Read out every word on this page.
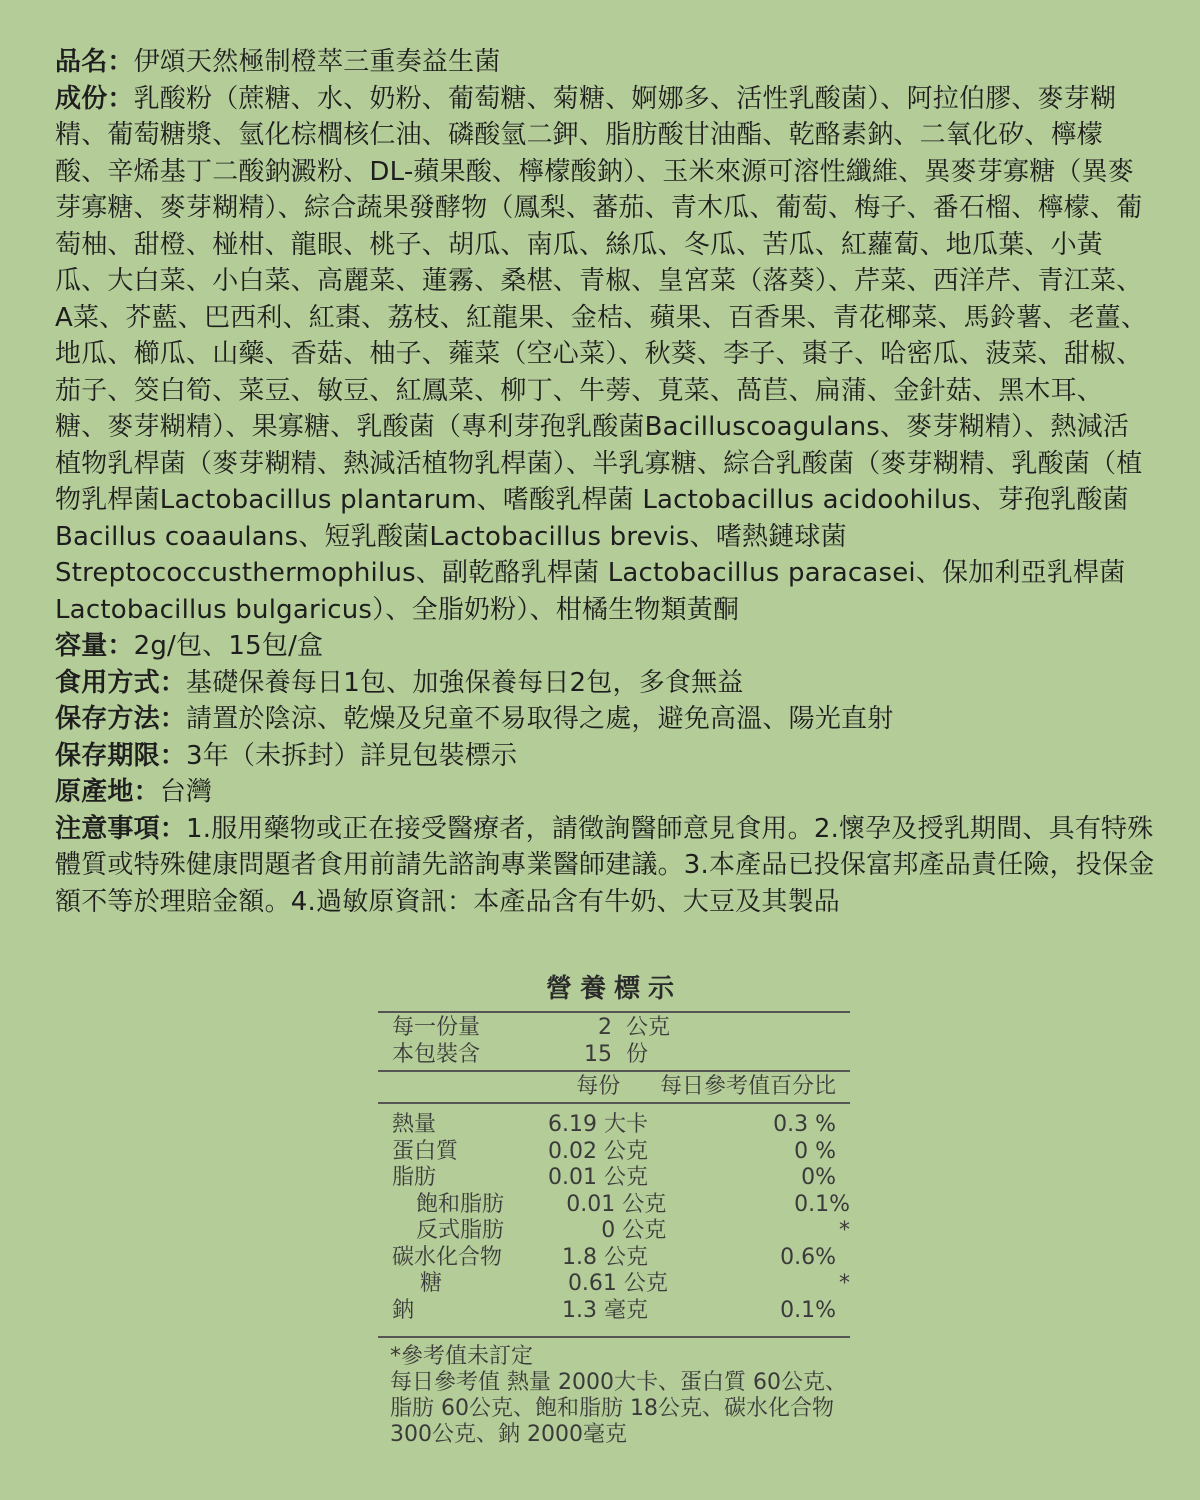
品名：伊頌天然極制橙萃三重奏益生菌

成份：乳酸粉（蔗糖、水、奶粉、葡萄糖、菊糖、婀娜多、活性乳酸菌）、阿拉伯膠、麥芽糊精、葡萄糖漿、氫化棕櫚核仁油、磷酸氫二鉀、脂肪酸甘油酯、乾酪素鈉、二氧化矽、檸檬酸、辛烯基丁二酸鈉澱粉、DL-蘋果酸、檸檬酸鈉）、玉米來源可溶性纖維、異麥芽寡糖（異麥芽寡糖、麥芽糊精）、綜合蔬果發酵物（鳳梨、蕃茄、青木瓜、葡萄、梅子、番石榴、檸檬、葡萄柚、甜橙、椪柑、龍眼、桃子、胡瓜、南瓜、絲瓜、冬瓜、苦瓜、紅蘿蔔、地瓜葉、小黃瓜、大白菜、小白菜、高麗菜、蓮霧、桑椹、青椒、皇宮菜（落葵）、芹菜、西洋芹、青江菜、A菜、芥藍、巴西利、紅棗、荔枝、紅龍果、金桔、蘋果、百香果、青花椰菜、馬鈴薯、老薑、地瓜、櫛瓜、山藥、香菇、柚子、蕹菜（空心菜）、秋葵、李子、棗子、哈密瓜、菠菜、甜椒、茄子、筊白筍、菜豆、敏豆、紅鳳菜、柳丁、牛蒡、莧菜、萵苣、扁蒲、金針菇、黑木耳、糖、麥芽糊精）、果寡糖、乳酸菌（專利芽孢乳酸菌Bacilluscoagulans、麥芽糊精）、熱減活植物乳桿菌（麥芽糊精、熱減活植物乳桿菌）、半乳寡糖、綜合乳酸菌（麥芽糊精、乳酸菌（植物乳桿菌Lactobacillus plantarum、嗜酸乳桿菌 Lactobacillus acidoohilus、芽孢乳酸菌 Bacillus coaaulans、短乳酸菌Lactobacillus brevis、嗜熱鏈球菌Streptococcusthermophilus、副乾酪乳桿菌 Lactobacillus paracasei、保加利亞乳桿菌 Lactobacillus bulgaricus）、全脂奶粉）、柑橘生物類黃酮

容量：2g/包、15包/盒

食用方式：基礎保養每日1包、加強保養每日2包，多食無益

保存方法：請置於陰涼、乾燥及兒童不易取得之處，避免高溫、陽光直射

保存期限：3年（未拆封）詳見包裝標示

原產地：台灣

注意事項：1.服用藥物或正在接受醫療者，請徵詢醫師意見食用。2.懷孕及授乳期間、具有特殊體質或特殊健康問題者食用前請先諮詢專業醫師建議。3.本產品已投保富邦產品責任險，投保金額不等於理賠金額。4.過敏原資訊：本產品含有牛奶、大豆及其製品

營養標示
每一份量	2 公克
本包裝含	15 份
每份	每日參考值百分比
熱量	6.19 大卡	0.3 %
蛋白質	0.02 公克	0 %
脂肪	0.01 公克	0%
飽和脂肪	0.01 公克	0.1%
反式脂肪	0 公克	*
碳水化合物	1.8 公克	0.6%
糖	0.61 公克	*
鈉	1.3 毫克	0.1%
*參考值未訂定
每日參考值 熱量 2000大卡、蛋白質 60公克、脂肪 60公克、飽和脂肪 18公克、碳水化合物 300公克、鈉 2000毫克
